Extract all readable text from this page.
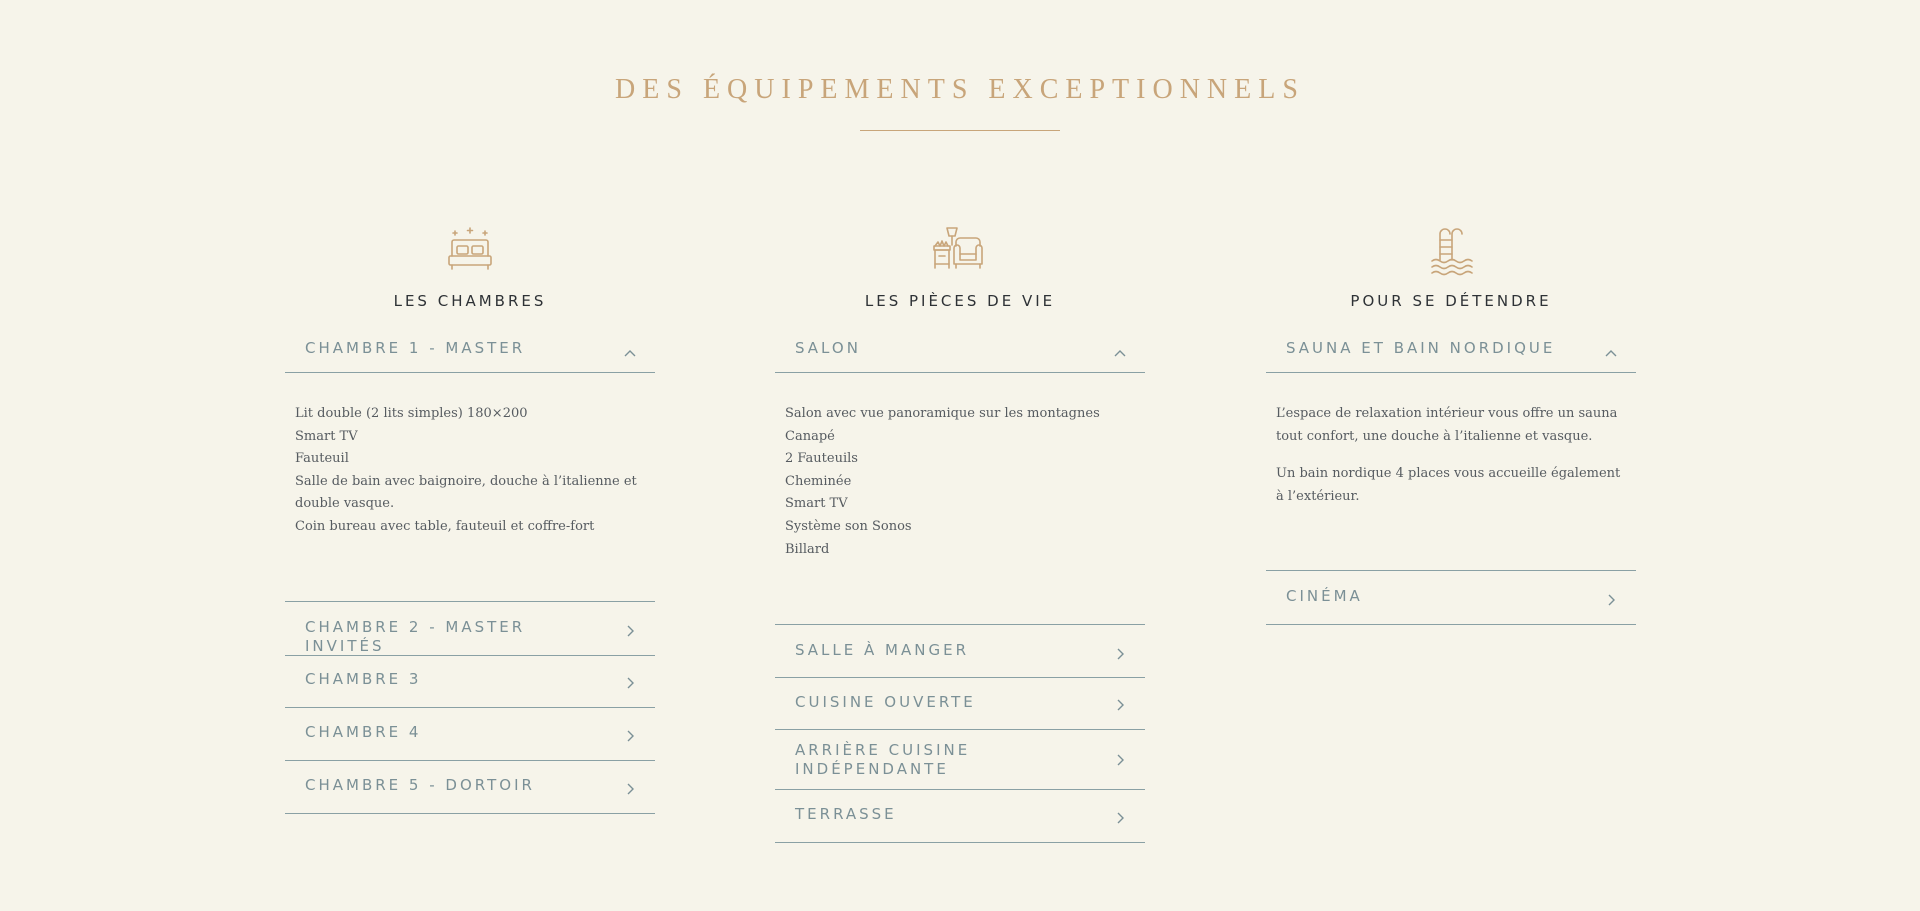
DES ÉQUIPEMENTS EXCEPTIONNELS
LES CHAMBRES
CHAMBRE 1 - MASTER
Lit double (2 lits simples) 180×200
Smart TV
Fauteuil
Salle de bain avec baignoire, douche à l’italienne et
double vasque.
Coin bureau avec table, fauteuil et coffre-fort
CHAMBRE 2 - MASTER INVITÉS
CHAMBRE 3
CHAMBRE 4
CHAMBRE 5 - DORTOIR
LES PIÈCES DE VIE
SALON
Salon avec vue panoramique sur les montagnes
Canapé
2 Fauteuils
Cheminée
Smart TV
Système son Sonos
Billard
SALLE À MANGER
CUISINE OUVERTE
ARRIÈRE CUISINE INDÉPENDANTE
TERRASSE
POUR SE DÉTENDRE
SAUNA ET BAIN NORDIQUE

L’espace de relaxation intérieur vous offre un sauna tout confort, une douche à l’italienne et vasque.

Un bain nordique 4 places vous accueille également à l’extérieur.

CINÉMA
